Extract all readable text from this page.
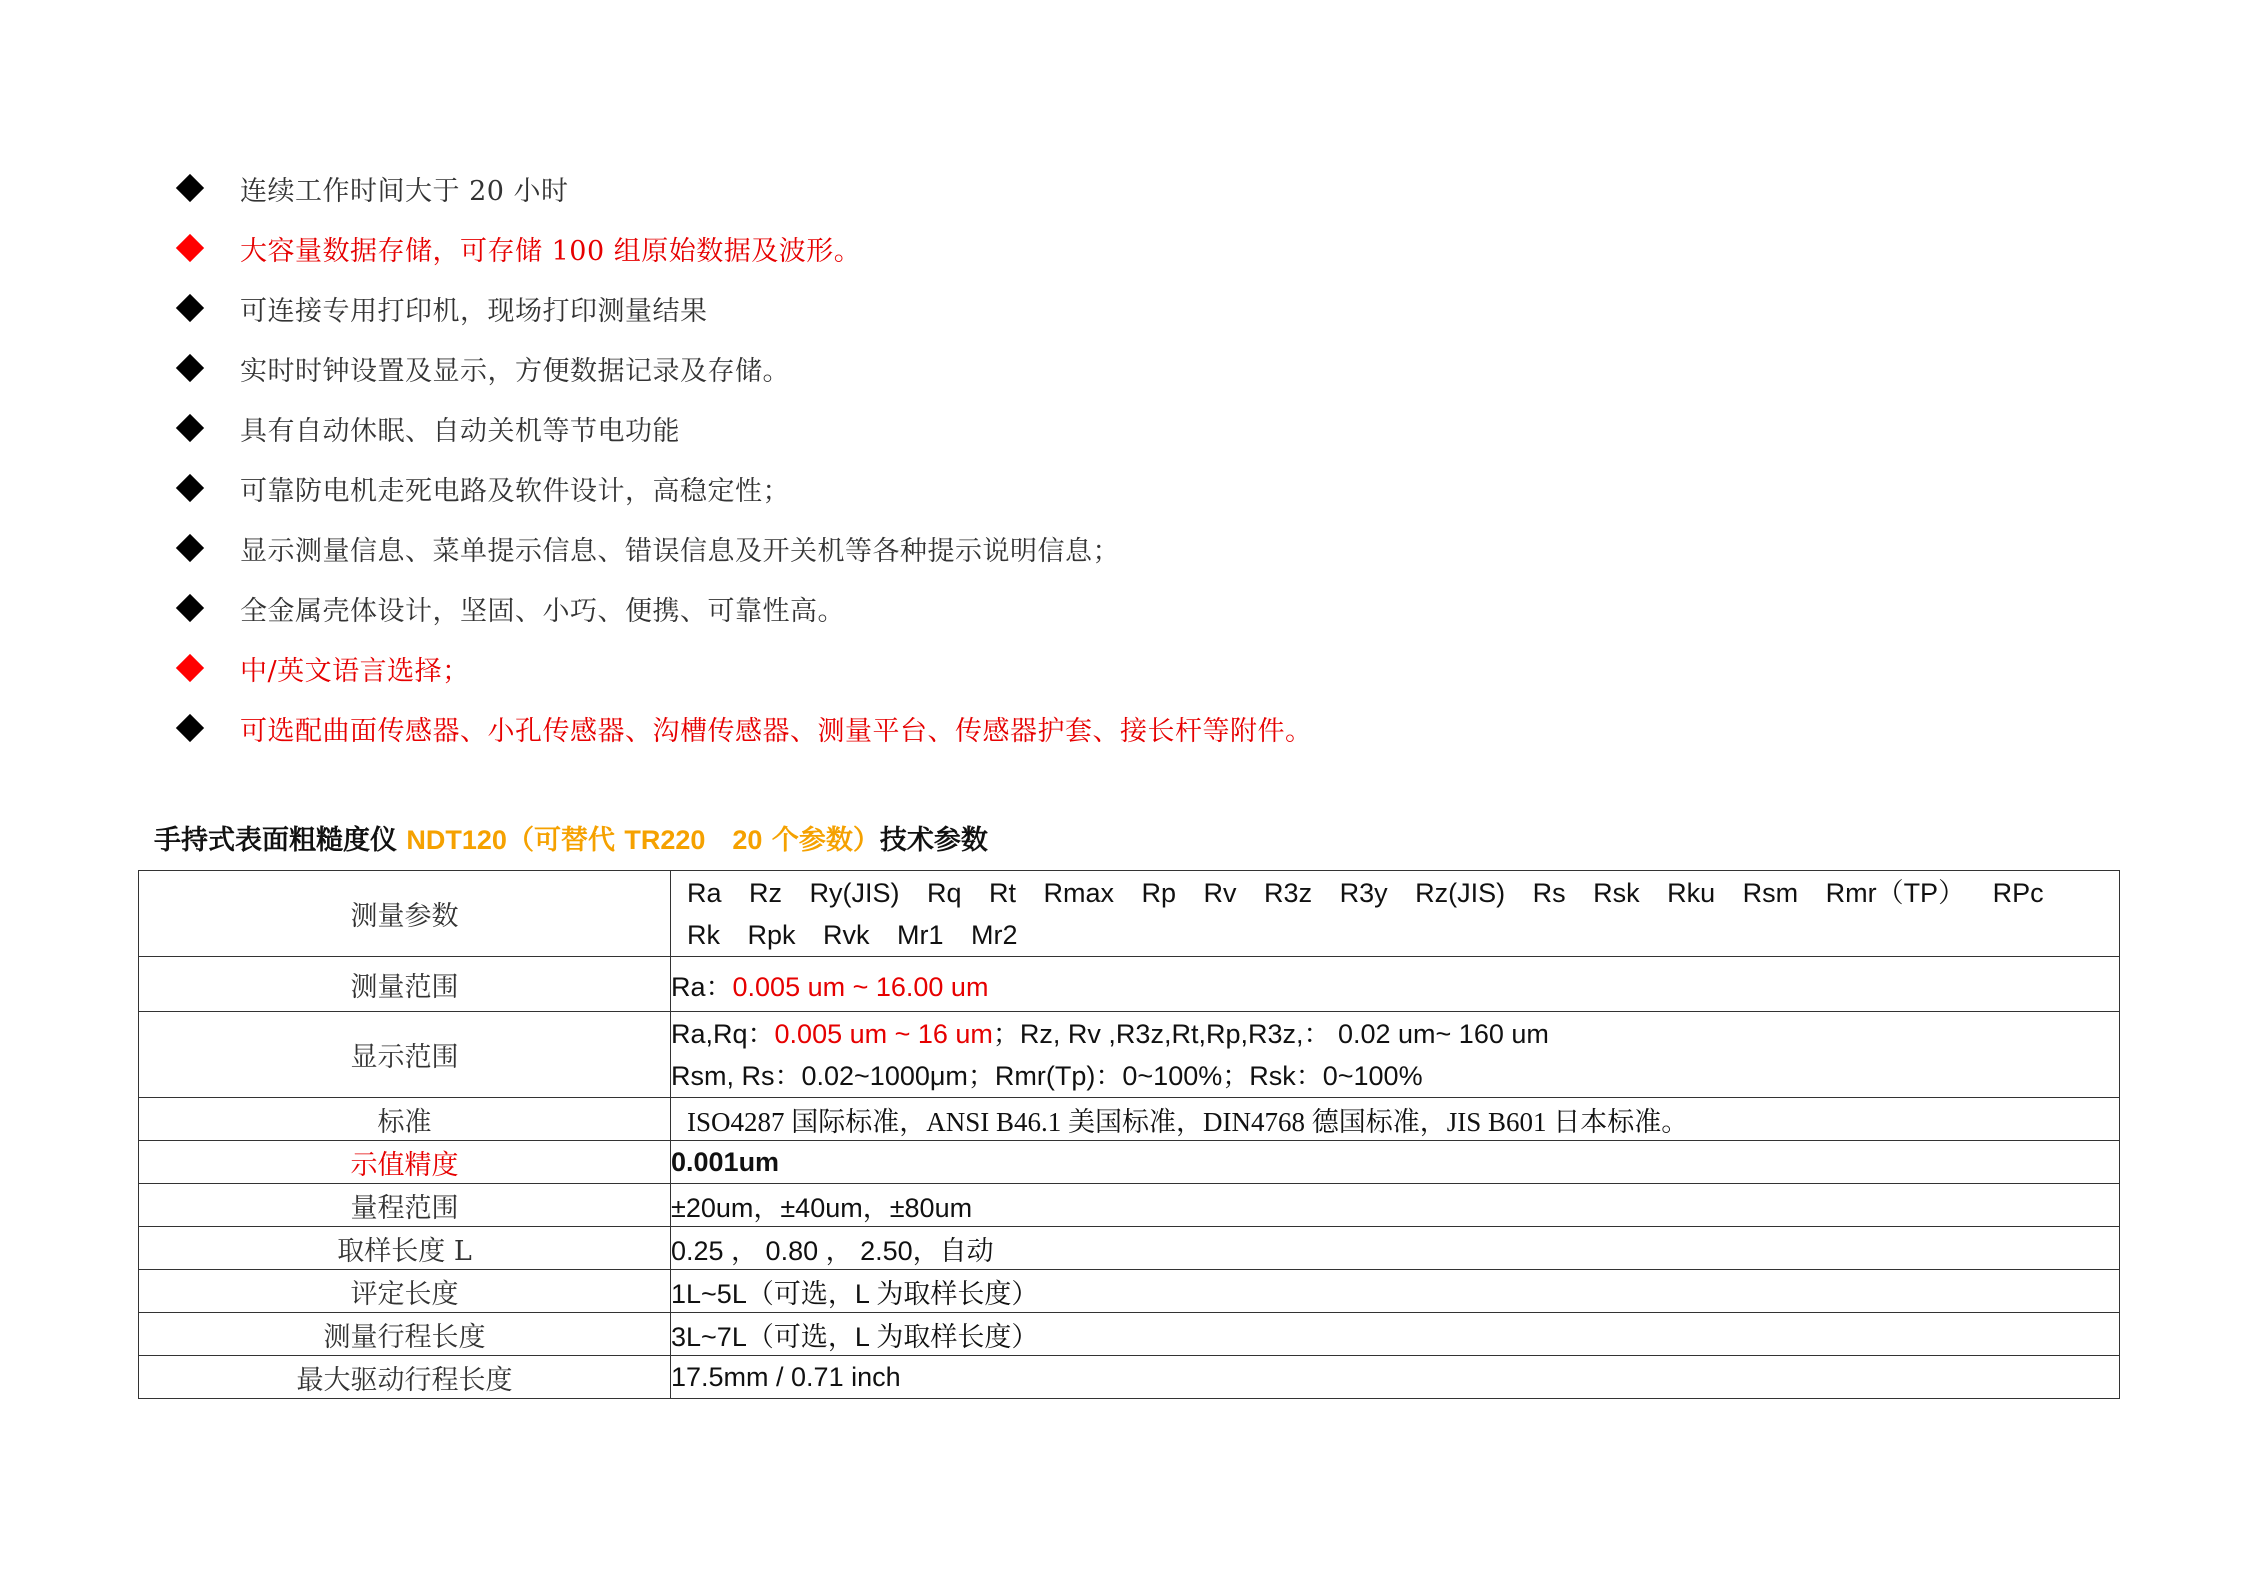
连续工作时间大于 20 小时
大容量数据存储，可存储 100 组原始数据及波形。
可连接专用打印机，现场打印测量结果
实时时钟设置及显示，方便数据记录及存储。
具有自动休眠、自动关机等节电功能
可靠防电机走死电路及软件设计，高稳定性；
显示测量信息、菜单提示信息、错误信息及开关机等各种提示说明信息；
全金属壳体设计，坚固、小巧、便携、可靠性高。
中/英文语言选择；
可选配曲面传感器、小孔传感器、沟槽传感器、测量平台、传感器护套、接长杆等附件。
手持式表面粗糙度仪 NDT120（可替代 TR220　 20 个参数）技术参数
测量参数	Ra Rz Ry(JIS) Rq Rt Rmax Rp Rv R3z R3y Rz(JIS) Rs Rsk Rku Rsm Rmr（TP） RPc
Rk Rpk Rvk Mr1 Mr2

测量范围	Ra：0.005 um ~ 16.00 um
显示范围	Ra,Rq：0.005 um ~ 16 um；Rz, Rv ,R3z,Rt,Rp,R3z,： 0.02 um~ 160 um
Rsm, Rs：0.02~1000μm；Rmr(Tp)：0~100%；Rsk：0~100%

标准	ISO4287 国际标准，ANSI B46.1 美国标准，DIN4768 德国标准，JIS B601 日本标准。
示值精度	0.001um
量程范围	±20um，±40um，±80um
取样长度 L	0.25 ， 0.80 ， 2.50，自动
评定长度	1L~5L（可选，L 为取样长度）
测量行程长度	3L~7L（可选，L 为取样长度）
最大驱动行程长度	17.5mm / 0.71 inch
